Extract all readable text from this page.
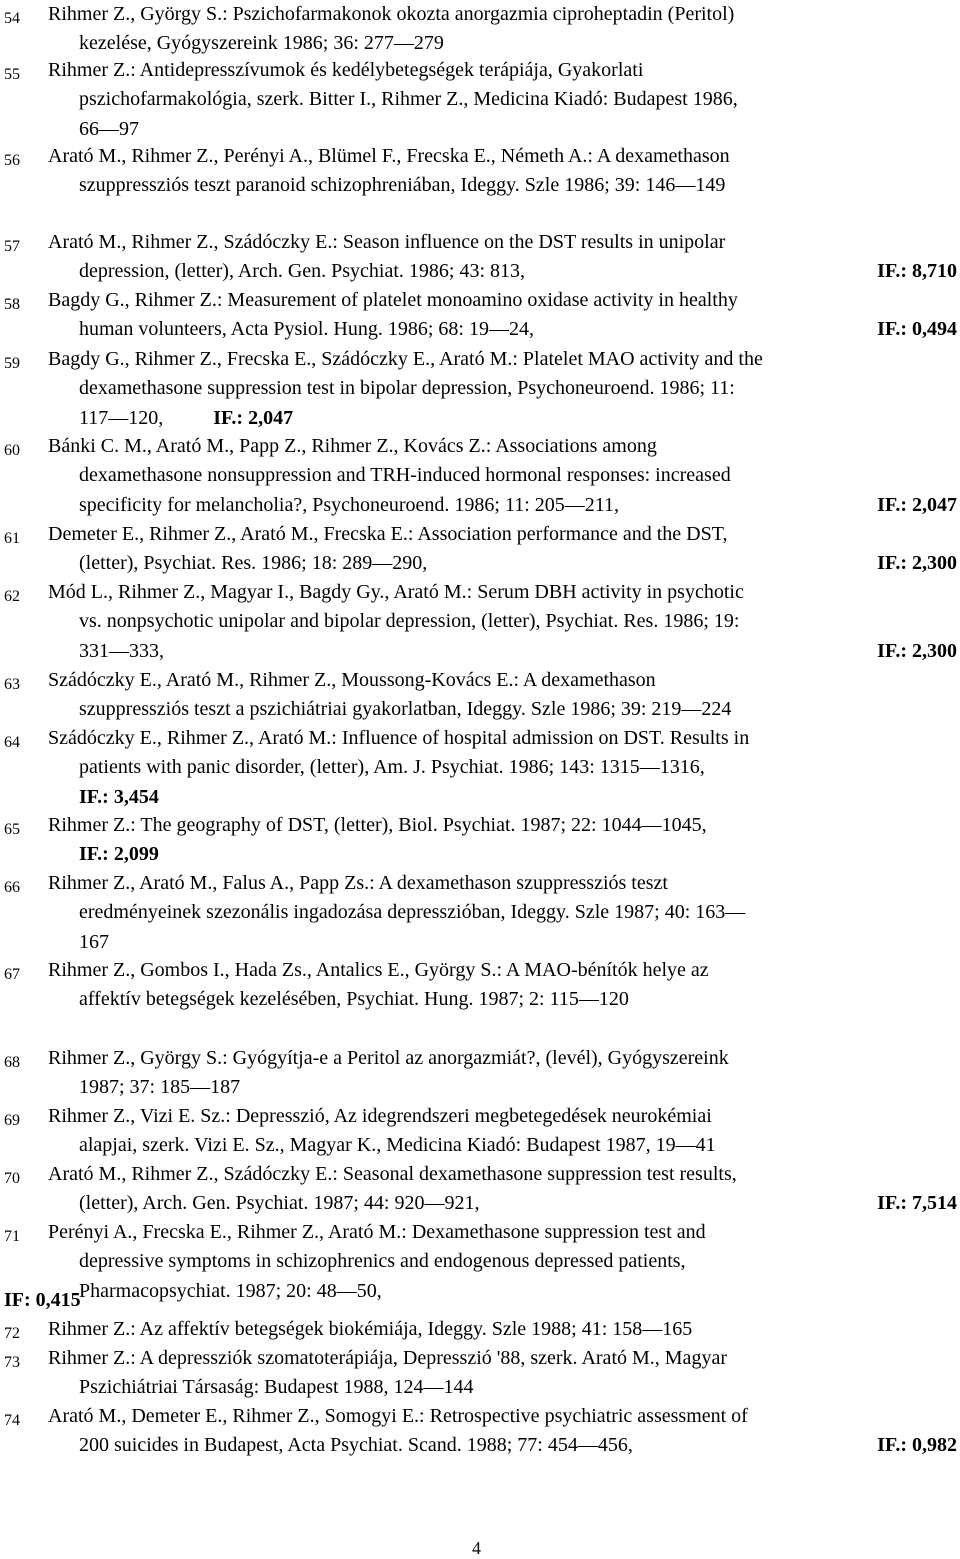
54 Rihmer Z., György S.: Pszichofarmakonok okozta anorgazmia ciproheptadin (Peritol)
kezelése, Gyógyszereink 1986; 36: 277—279
55 Rihmer Z.: Antidepresszívumok és kedélybetegségek terápiája, Gyakorlati
pszichofarmakológia, szerk. Bitter I., Rihmer Z., Medicina Kiadó: Budapest 1986,
66—97
56 Arató M., Rihmer Z., Perényi A., Blümel F., Frecska E., Németh A.: A dexamethason
szuppressziós teszt paranoid schizophreniában, Ideggy. Szle 1986; 39: 146—149
57 Arató M., Rihmer Z., Szádóczky E.: Season influence on the DST results in unipolar
depression, (letter), Arch. Gen. Psychiat. 1986; 43: 813,	IF.: 8,710
58 Bagdy G., Rihmer Z.: Measurement of platelet monoamino oxidase activity in healthy
human volunteers, Acta Pysiol. Hung. 1986; 68: 19—24,	IF.: 0,494
59 Bagdy G., Rihmer Z., Frecska E., Szádóczky E., Arató M.: Platelet MAO activity and the
dexamethasone suppression test in bipolar depression, Psychoneuroend. 1986; 11:
117—120,          IF.: 2,047
60 Bánki C. M., Arató M., Papp Z., Rihmer Z., Kovács Z.: Associations among
dexamethasone nonsuppression and TRH-induced hormonal responses: increased
specificity for melancholia?, Psychoneuroend. 1986; 11: 205—211,	IF.: 2,047
61 Demeter E., Rihmer Z., Arató M., Frecska E.: Association performance and the DST,
(letter), Psychiat. Res. 1986; 18: 289—290,	IF.: 2,300
62 Mód L., Rihmer Z., Magyar I., Bagdy Gy., Arató M.: Serum DBH activity in psychotic
vs. nonpsychotic unipolar and bipolar depression, (letter), Psychiat. Res. 1986; 19:
331—333,	IF.: 2,300
63 Szádóczky E., Arató M., Rihmer Z., Moussong-Kovács E.: A dexamethason
szuppressziós teszt a pszichiátriai gyakorlatban, Ideggy. Szle 1986; 39: 219—224
64 Szádóczky E., Rihmer Z., Arató M.: Influence of hospital admission on DST. Results in
patients with panic disorder, (letter), Am. J. Psychiat. 1986; 143: 1315—1316,
IF.: 3,454
65 Rihmer Z.: The geography of DST, (letter), Biol. Psychiat. 1987; 22: 1044—1045,
IF.: 2,099
66 Rihmer Z., Arató M., Falus A., Papp Zs.: A dexamethason szuppressziós teszt
eredményeinek szezonális ingadozása depresszióban, Ideggy. Szle 1987; 40: 163—
167
67 Rihmer Z., Gombos I., Hada Zs., Antalics E., György S.: A MAO-bénítók helye az
affektív betegségek kezelésében, Psychiat. Hung. 1987; 2: 115—120
68 Rihmer Z., György S.: Gyógyítja-e a Peritol az anorgazmiát?, (levél), Gyógyszereink
1987; 37: 185—187
69 Rihmer Z., Vizi E. Sz.: Depresszió, Az idegrendszeri megbetegedések neurokémiai
alapjai, szerk. Vizi E. Sz., Magyar K., Medicina Kiadó: Budapest 1987, 19—41
70 Arató M., Rihmer Z., Szádóczky E.: Seasonal dexamethasone suppression test results,
(letter), Arch. Gen. Psychiat. 1987; 44: 920—921,	IF.: 7,514
71 Perényi A., Frecska E., Rihmer Z., Arató M.: Dexamethasone suppression test and
depressive symptoms in schizophrenics and endogenous depressed patients,
Pharmacopsychiat. 1987; 20: 48—50,
IF: 0,415
72 Rihmer Z.: Az affektív betegségek biokémiája, Ideggy. Szle 1988; 41: 158—165
73 Rihmer Z.: A depressziók szomatoterápiája, Depresszió '88, szerk. Arató M., Magyar
Pszichiátriai Társaság: Budapest 1988, 124—144
74 Arató M., Demeter E., Rihmer Z., Somogyi E.: Retrospective psychiatric assessment of
200 suicides in Budapest, Acta Psychiat. Scand. 1988; 77: 454—456,	IF.: 0,982
4
